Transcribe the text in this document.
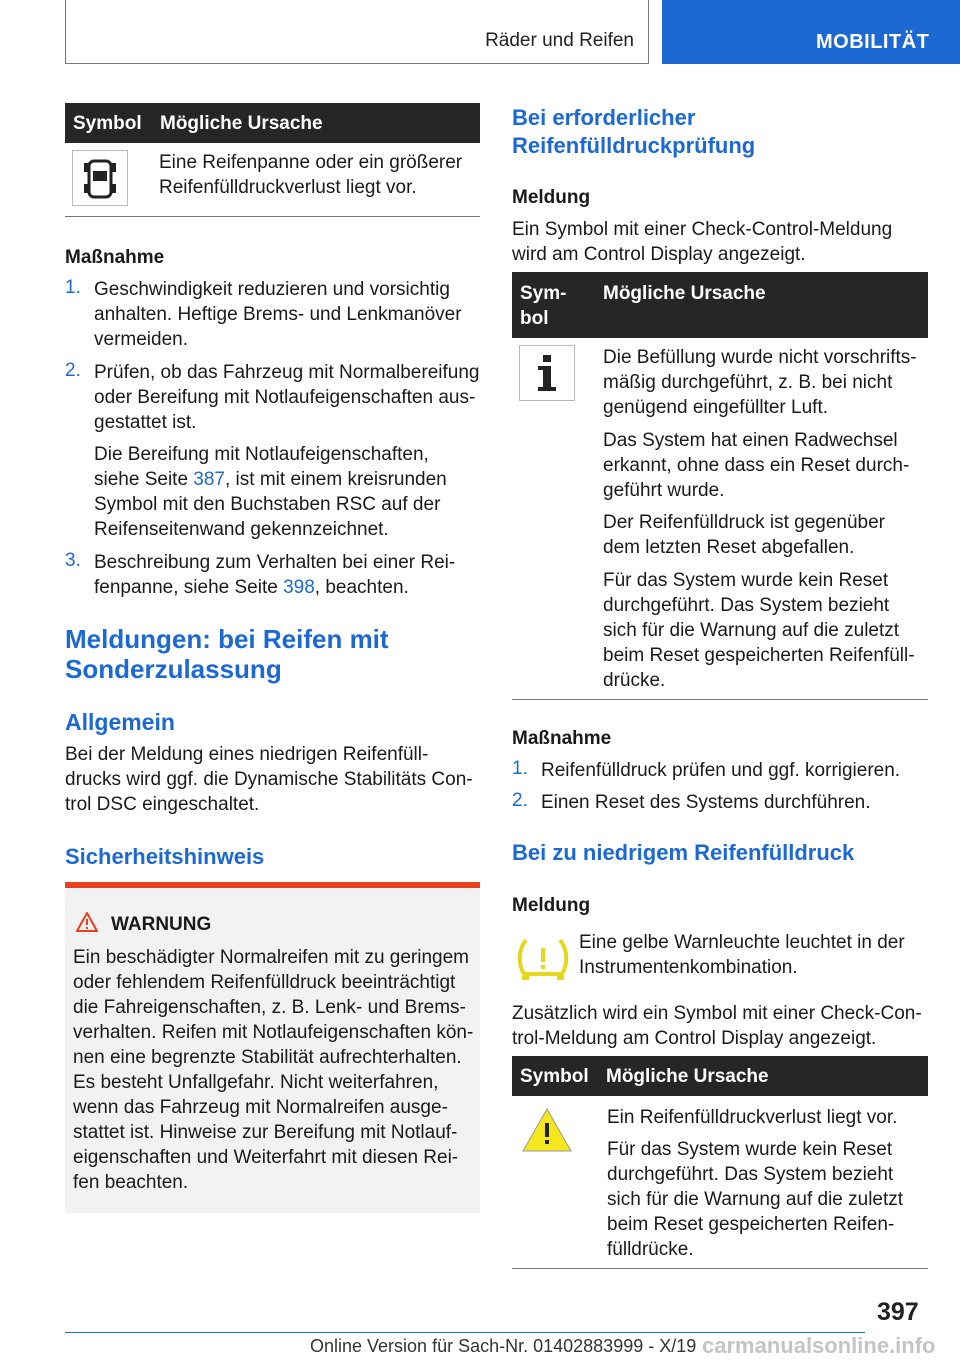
Räder und Reifen	MOBILITÄT
Symbol Mögliche Ursache
Eine Reifenpanne oder ein größerer
Reifenfülldruckverlust liegt vor.
Maßnahme
1. Geschwindigkeit reduzieren und vorsichtig
anhalten. Heftige Brems- und Lenkmanöver
vermeiden.
2. Prüfen, ob das Fahrzeug mit Normalbereifung
oder Bereifung mit Notlaufeigenschaften aus-
gestattet ist.
Die Bereifung mit Notlaufeigenschaften,
siehe Seite 387, ist mit einem kreisrunden
Symbol mit den Buchstaben RSC auf der
Reifenseitenwand gekennzeichnet.
3. Beschreibung zum Verhalten bei einer Rei-
fenpanne, siehe Seite 398, beachten.
Meldungen: bei Reifen mit
Sonderzulassung
Allgemein
Bei der Meldung eines niedrigen Reifenfüll-
drucks wird ggf. die Dynamische Stabilitäts Con-
trol DSC eingeschaltet.
Sicherheitshinweis
WARNUNG
Ein beschädigter Normalreifen mit zu geringem
oder fehlendem Reifenfülldruck beeinträchtigt
die Fahreigenschaften, z. B. Lenk- und Brems-
verhalten. Reifen mit Notlaufeigenschaften kön-
nen eine begrenzte Stabilität aufrechterhalten.
Es besteht Unfallgefahr. Nicht weiterfahren,
wenn das Fahrzeug mit Normalreifen ausge-
stattet ist. Hinweise zur Bereifung mit Notlauf-
eigenschaften und Weiterfahrt mit diesen Rei-
fen beachten.
Bei erforderlicher
Reifenfülldruckprüfung
Meldung
Ein Symbol mit einer Check-Control-Meldung
wird am Control Display angezeigt.
Sym-
bol
Mögliche Ursache
Die Befüllung wurde nicht vorschrifts-
mäßig durchgeführt, z. B. bei nicht
genügend eingefüllter Luft.
Das System hat einen Radwechsel
erkannt, ohne dass ein Reset durch-
geführt wurde.
Der Reifenfülldruck ist gegenüber
dem letzten Reset abgefallen.
Für das System wurde kein Reset
durchgeführt. Das System bezieht
sich für die Warnung auf die zuletzt
beim Reset gespeicherten Reifenfüll-
drücke.
Maßnahme
1. Reifenfülldruck prüfen und ggf. korrigieren.
2. Einen Reset des Systems durchführen.
Bei zu niedrigem Reifenfülldruck
Meldung
Eine gelbe Warnleuchte leuchtet in der
Instrumentenkombination.
Zusätzlich wird ein Symbol mit einer Check-Con-
trol-Meldung am Control Display angezeigt.
Symbol Mögliche Ursache
Ein Reifenfülldruckverlust liegt vor.
Für das System wurde kein Reset
durchgeführt. Das System bezieht
sich für die Warnung auf die zuletzt
beim Reset gespeicherten Reifen-
fülldrücke.
397
Online Version für Sach-Nr. 01402883999 - X/19 carmanualsonline.info
